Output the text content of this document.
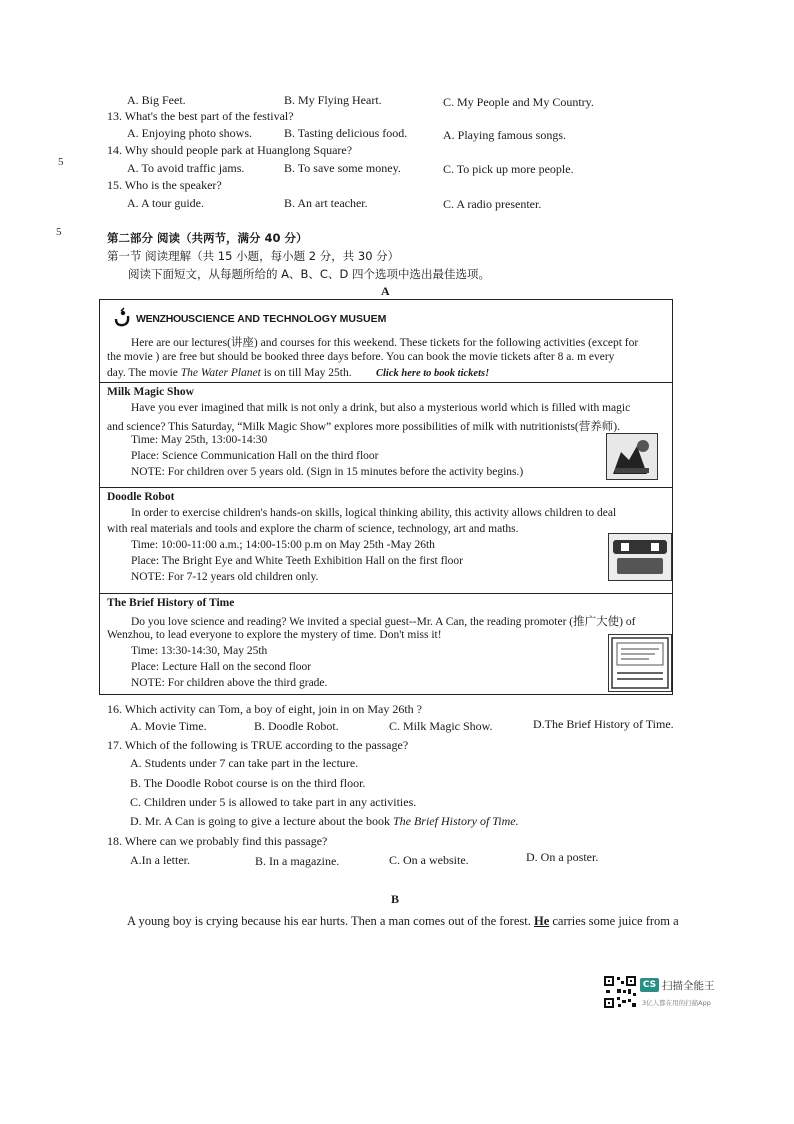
5
5
A. Big Feet.	B. My Flying Heart.	C. My People and My Country.
13. What's the best part of the festival?
A. Enjoying photo shows.	B. Tasting delicious food.	A. Playing famous songs.
14. Why should people park at Huanglong Square?
A. To avoid traffic jams.	B. To save some money.	C. To pick up more people.
15. Who is the speaker?
A. A tour guide.	B. An art teacher.	C. A radio presenter.
第二部分 阅读（共两节，满分 40 分）
第一节 阅读理解（共 15 小题，每小题 2 分，共 30 分）
阅读下面短文，从每题所给的 A、B、C、D 四个选项中选出最佳选项。
A
WENZHOU SCIENCE AND TECHNOLOGY MUSUEM
Here are our lectures(讲座) and courses for this weekend. These tickets for the following activities (except for
the movie ) are free but should be booked three days before. You can book the movie tickets after 8 a. m every
day. The movie The Water Planet is on till May 25th. Click here to book tickets!
Milk Magic Show
Have you ever imagined that milk is not only a drink, but also a mysterious world which is filled with magic
and science? This Saturday, “Milk Magic Show” explores more possibilities of milk with nutritionists(营养师).
Time: May 25th, 13:00-14:30
Place: Science Communication Hall on the third floor
NOTE: For children over 5 years old. (Sign in 15 minutes before the activity begins.)
Doodle Robot
In order to exercise children's hands-on skills, logical thinking ability, this activity allows children to deal
with real materials and tools and explore the charm of science, technology, art and maths.
Time: 10:00-11:00 a.m.; 14:00-15:00 p.m on May 25th -May 26th
Place: The Bright Eye and White Teeth Exhibition Hall on the first floor
NOTE: For 7-12 years old children only.
The Brief History of Time
Do you love science and reading? We invited a special guest--Mr. A Can, the reading promoter (推广大使) of
Wenzhou, to lead everyone to explore the mystery of time. Don't miss it!
Time: 13:30-14:30, May 25th
Place: Lecture Hall on the second floor
NOTE: For children above the third grade.
16. Which activity can Tom, a boy of eight, join in on May 26th ?
A. Movie Time.	B. Doodle Robot.	C. Milk Magic Show.	D.The Brief History of Time.
17. Which of the following is TRUE according to the passage?
A. Students under 7 can take part in the lecture.
B. The Doodle Robot course is on the third floor.
C. Children under 5 is allowed to take part in any activities.
D. Mr. A Can is going to give a lecture about the book The Brief History of Time.
18. Where can we probably find this passage?
A.In a letter.	B. In a magazine.	C. On a website.	D. On a poster.
B
A young boy is crying because his ear hurts. Then a man comes out of the forest. He carries some juice from a
CS 扫描全能王
3亿人都在用的扫描App
